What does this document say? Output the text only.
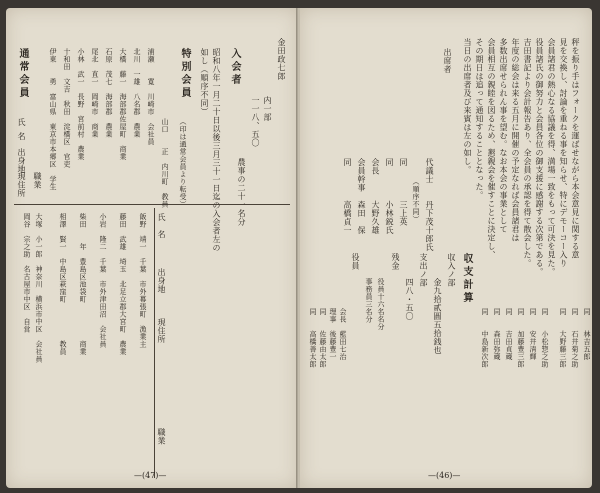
金田政七郎
内一部
一一八、五〇
農事の二十一名分
入会者
昭和八年一月二十日以後三月三十一日迄の入会者左の
如し（順序不同）
特別会員
（印は通常会員より転受）
氏
名
出身地
現住所
職業
飯野　靖一　千葉　市外幕張町　漁業主
藤田　武雄　埼玉　北足立郡大宮町　農業
小岩　隆二　千葉　市外津田沼　会社員
柴田　　年　豊島区池袋町　　　　　商業
相澤　賢一　中島区萩窪町　　　　　教員
通常会員
大塚　小一郎　神奈川　横浜市中区　会社員
岡谷　宗之助　名古屋市中区　自営
伊東　　勇　富山県　東京市本郷区　学生 十和田　文吉　秋田　淀橋区　官吏 小林　武一　長野　宮前村　農業 尾北　直一　岡崎市　商業 石原　茂七　海部郡　農業 大橋　藤一　海部郡佐屋町　商業 北川　一雄　八名郡　農業 浦瀬　　寛　川崎市　会社員
山口　　正　内川町　教員
氏
名
出身地
現住所 職業
—(47)—
秤を振り手はフォークを運ばせながら本会意見に関する意
見を交換し、討論を重ねる事を知らせ、特にデモーコー入り
会員諸君の熱心なる協議を得、満場一致をもって可決を見た。
役員諸氏の御努力と会員各位の御支援に感謝する次第である。
吉田書記より会計報告あり、全会員の承認を得て散会した。
年度の総会は来る五月に開催の予定なれば会員諸君は
多数出席せられん事を望む。なお本会の事業として
会員相互の親睦を図るため、懇親会を催すことに決定し、
その期日は追って通知することとなった。
当日の出席者及び来賓は左の如し。
出席者
代議士　　丹下茂十郎氏
（順序不同）
同　　　　三上英
同　　　　小林鋭氏
会長　　　大野久雄
会員幹事　森田　保
同　　　　高橋貞一
収支計算
収入ノ部
金九拾貳圓五拾銭也
支出ノ部
四八・五〇
残金
役員十六名名分
事務員三名分
役員
会長　藍田七治
理事　後藤豊一
同　　佐藤由太郎
同　　高橋善太郎	同　　小松惣之助
同　　安井清輝
同　　加藤豊三郎
同　　吉田貞蔵
同　　森田弥蔵
同　　中島新次郎	同　　大野藤三郎 同　　石井菊之助 同　　林吉五郎
—(46)—
